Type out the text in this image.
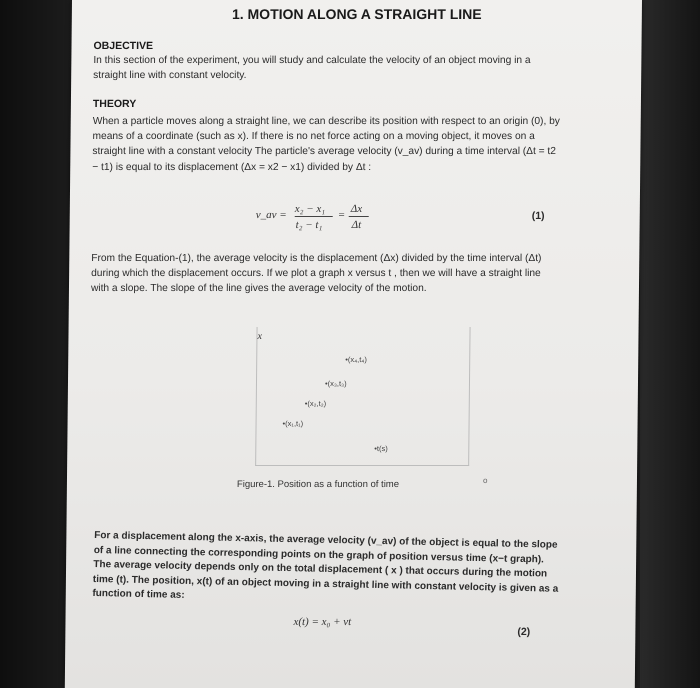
1. MOTION ALONG A STRAIGHT LINE
OBJECTIVE
In this section of the experiment, you will study and calculate the velocity of an object moving in a straight line with constant velocity.
THEORY
When a particle moves along a straight line, we can describe its position with respect to an origin (0), by means of a coordinate (such as x). If there is no net force acting on a moving object, it moves on a straight line with a constant velocity The particle's average velocity (v_av) during a time interval (Δt = t2 − t1) is equal to its displacement (Δx = x2 − x1) divided by Δt :
v_av = x₂ − x₁
t₂ − t₁
= Δx
Δt
(1)
From the Equation-(1), the average velocity is the displacement (Δx) divided by the time interval (Δt) during which the displacement occurs. If we plot a graph x versus t , then we will have a straight line with a slope. The slope of the line gives the average velocity of the motion.
•(x₄,t₄)
•(x₃,t₃)
•(x₂,t₂)
•(x₁,t₁)
•t(s)
x
o
Figure-1. Position as a function of time
For a displacement along the x-axis, the average velocity (v_av) of the object is equal to the slope of a line connecting the corresponding points on the graph of position versus time (x−t graph). The average velocity depends only on the total displacement ( x ) that occurs during the motion time (t). The position, x(t) of an object moving in a straight line with constant velocity is given as a function of time as:
x(t) = x₀ + vt
(2)
